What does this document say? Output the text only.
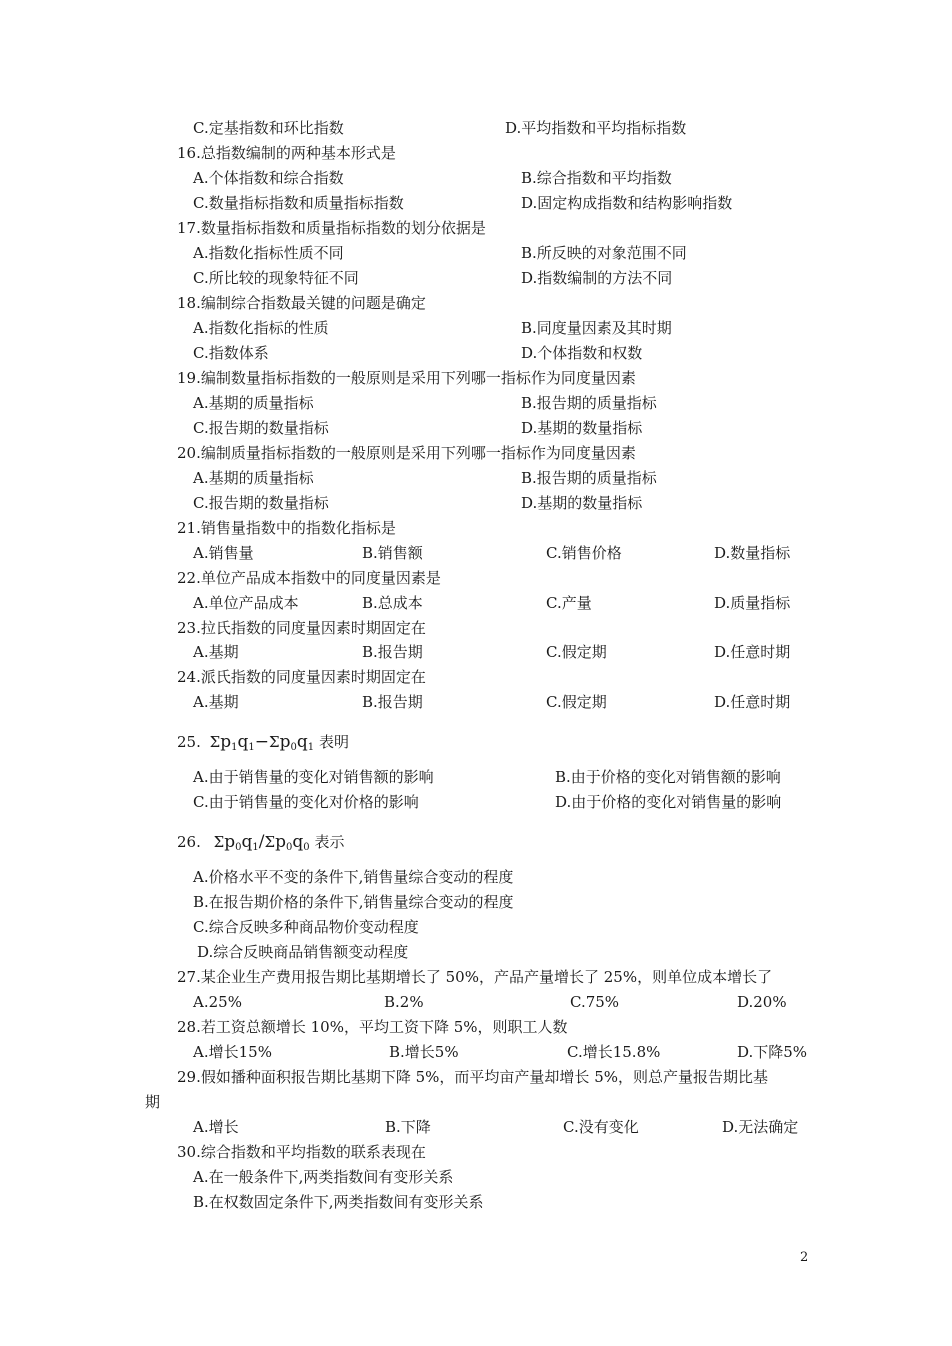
C.定基指数和环比指数	D.平均指数和平均指标指数
16.总指数编制的两种基本形式是
A.个体指数和综合指数	B.综合指数和平均指数
C.数量指标指数和质量指标指数	D.固定构成指数和结构影响指数
17.数量指标指数和质量指标指数的划分依据是
A.指数化指标性质不同	B.所反映的对象范围不同
C.所比较的现象特征不同	D.指数编制的方法不同
18.编制综合指数最关键的问题是确定
A.指数化指标的性质	B.同度量因素及其时期
C.指数体系	D.个体指数和权数
19.编制数量指标指数的一般原则是采用下列哪一指标作为同度量因素
A.基期的质量指标	B.报告期的质量指标
C.报告期的数量指标	D.基期的数量指标
20.编制质量指标指数的一般原则是采用下列哪一指标作为同度量因素
A.基期的质量指标	B.报告期的质量指标
C.报告期的数量指标	D.基期的数量指标
21.销售量指数中的指数化指标是
A.销售量	B.销售额	C.销售价格	D.数量指标
22.单位产品成本指数中的同度量因素是
A.单位产品成本	B.总成本	C.产量	D.质量指标
23.拉氏指数的同度量因素时期固定在
A.基期	B.报告期	C.假定期	D.任意时期
24.派氏指数的同度量因素时期固定在
A.基期	B.报告期	C.假定期	D.任意时期
25. $\Sigma p_1q_1-\Sigma p_0q_1$ 表明
A.由于销售量的变化对销售额的影响	B.由于价格的变化对销售额的影响
C.由于销售量的变化对价格的影响	D.由于价格的变化对销售量的影响
26. $\Sigma p_0q_1/\Sigma p_0q_0$ 表示
A.价格水平不变的条件下,销售量综合变动的程度
B.在报告期价格的条件下,销售量综合变动的程度
C.综合反映多种商品物价变动程度
D.综合反映商品销售额变动程度
27.某企业生产费用报告期比基期增长了 50%，产品产量增长了 25%，则单位成本增长了
A.25%	B.2%	C.75%	D.20%
28.若工资总额增长 10%，平均工资下降 5%，则职工人数
A.增长15%	B.增长5%	C.增长15.8%	D.下降5%
29.假如播种面积报告期比基期下降 5%，而平均亩产量却增长 5%，则总产量报告期比基
期
A.增长	B.下降	C.没有变化	D.无法确定
30.综合指数和平均指数的联系表现在
A.在一般条件下,两类指数间有变形关系
B.在权数固定条件下,两类指数间有变形关系
2
